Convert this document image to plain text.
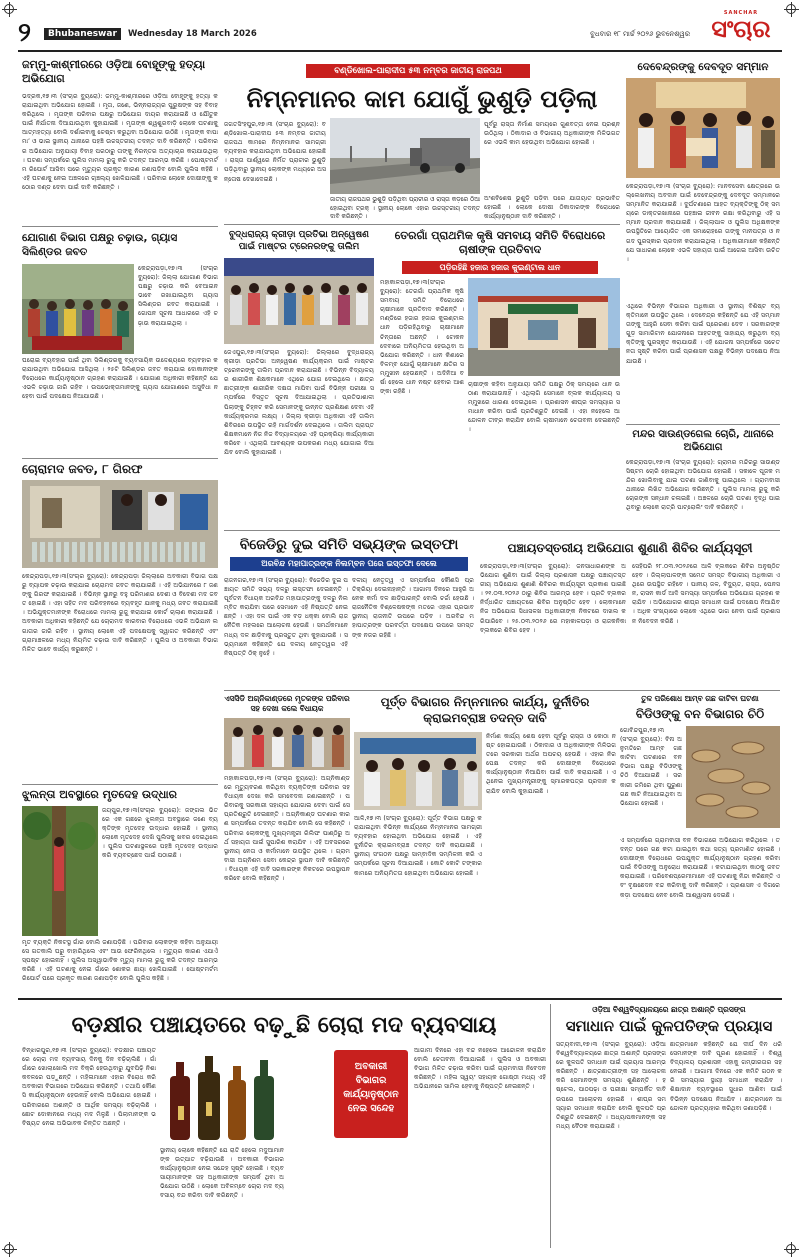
୨	Bhubaneswar	Wednesday 18 March 2026	ବୁଧବାର ୧୮ ମାର୍ଚ୍ଚ ୨୦୨୬ ଭୁବନେଶ୍ୱର
SANCHAR
ସଂଚାର
ଜମ୍ମୁ-କାଶ୍ମୀରରେ ଓଡ଼ିଆ ବୋହୂଙ୍କୁ ହତ୍ୟା ଅଭିଯୋଗ
ଭଦ୍ରକ,୧୭।୩ (ସଂଚାର ବ୍ୟୁରୋ): ଜମ୍ମୁ-କାଶ୍ମୀରରେ ଓଡ଼ିଆ ବୋହୂଙ୍କୁ ହତ୍ୟା କରାଯାଇଥିବା ଅଭିଯୋଗ ହୋଇଛି । ମୃତା, ଜଣେ, ଭିନ୍ନରାଜ୍ୟର ପୁରୁଷଙ୍କ ସହ ବିବାହ କରିଥିଲେ । ମୃତାଙ୍କ ପରିବାର ପକ୍ଷରୁ ଅଭିଯୋଗ ଦାୟର କରାଯାଇଛି ଓ ଯୌତୁକ ପାଇଁ ନିର୍ଯାତନା ଦିଆଯାଉଥିବା କୁହାଯାଇଛି । ମୃତାଙ୍କ ଶ୍ୱଶୁରବାଡ଼ି ଲୋକେ ଘଟଣାକୁ ଆତ୍ମହତ୍ୟା ବୋଲି ଦର୍ଶାଇବାକୁ ଚେଷ୍ଟା କରୁଥିବା ଅଭିଯୋଗ ଉଠିଛି । ମୃତାଙ୍କ ବାପା ମା’ ଓ ଭାଇ ସ୍ଥାନୀୟ ଥାନାରେ ପହଞ୍ଚି ଉଚ୍ଚସ୍ତରୀୟ ତଦନ୍ତ ଦାବି କରିଛନ୍ତି । ପରିବାରର ଅଭିଯୋଗ ଅନୁଯାୟୀ ବିବାହ ପରଠାରୁ ତାଙ୍କୁ ନିରନ୍ତର ଅତ୍ୟାଚାର କରାଯାଉଥିଲା । ଘଟଣା ସମ୍ପର୍କରେ ପୁଲିସ ମାମଲା ରୁଜୁ କରି ତଦନ୍ତ ଆରମ୍ଭ କରିଛି । ପୋଷ୍ଟମର୍ଟମ ରିପୋର୍ଟ ଆସିବା ପରେ ମୃତ୍ୟୁର ପ୍ରକୃତ କାରଣ ଜଣାପଡ଼ିବ ବୋଲି ପୁଲିସ କହିଛି । ଏହି ଘଟଣାକୁ ନେଇ ଅଞ୍ଚଳରେ ଚାଞ୍ଚଲ୍ୟ ଖେଳିଯାଇଛି । ପରିବାର ଲୋକେ ଦୋଷୀଙ୍କୁ କଠୋର ଦଣ୍ଡ ଦେବା ପାଇଁ ଦାବି କରିଛନ୍ତି ।
ଯୋଗାଣ ବିଭାଗ ପକ୍ଷରୁ ଚଢ଼ାଉ, ଗ୍ୟାସ ସିଲିଣ୍ଡର ଜବତ
କେନ୍ଦ୍ରାପଡ଼ା,୧୭।୩ (ସଂଚାର ବ୍ୟୁରୋ): ଜିଲ୍ଲା ଯୋଗାଣ ବିଭାଗ ପକ୍ଷରୁ ଚଢ଼ାଉ କରି ବେଆଇନ ଭାବେ ରଖାଯାଇଥିବା ଗ୍ୟାସ ସିଲିଣ୍ଡର ଜବତ କରାଯାଇଛି । ଗୋପନ ସୂଚନା ଆଧାରରେ ଏହି ଚଢ଼ାଉ କରାଯାଇଥିଲା ।
ଘରୋଇ ବ୍ୟବହାର ପାଇଁ ଥିବା ସିଲିଣ୍ଡରକୁ ବ୍ୟବସାୟିକ ଉଦ୍ଦେଶ୍ୟରେ ବ୍ୟବହାର କରାଯାଉଥିବା ଅଭିଯୋଗ ଆସିଥିଲା । ୨୫ଟି ସିଲିଣ୍ଡର ଜବତ କରାଯାଇ ଦୋକାନୀଙ୍କ ବିରୋଧରେ କାର୍ଯ୍ୟାନୁଷ୍ଠାନ ଗ୍ରହଣ କରାଯାଇଛି । ଯୋଗାଣ ଅଧିକାରୀ କହିଛନ୍ତି ଯେ ଏଭଳି ଚଢ଼ାଉ ଜାରି ରହିବ । ଉପଭୋକ୍ତାମାନଙ୍କୁ ଗ୍ୟାସ ଯୋଗାଣରେ ଅସୁବିଧା ନହେବା ପାଇଁ ପଦକ୍ଷେପ ନିଆଯାଉଛି ।
ଚୋରାମଦ ଜବତ, ୮ ଗିରଫ
କେନ୍ଦ୍ରାପଡ଼ା,୧୭।୩(ସଂଚାର ବ୍ୟୁରୋ): କେନ୍ଦ୍ରାପଡ଼ା ଜିଲ୍ଲାରେ ଅବକାରୀ ବିଭାଗ ପକ୍ଷରୁ ବ୍ୟାପକ ଚଢ଼ାଉ କରାଯାଇ ଚୋରାମଦ ଜବତ କରାଯାଇଛି । ଏହି ଅଭିଯାନରେ ୮ ଜଣଙ୍କୁ ଗିରଫ କରାଯାଇଛି । ବିଭିନ୍ନ ସ୍ଥାନରୁ ବହୁ ପରିମାଣର ଦେଶୀ ଓ ବିଦେଶୀ ମଦ ଜବତ ହୋଇଛି । ଏହା ସହିତ ମଦ ପରିବହନରେ ବ୍ୟବହୃତ ଯାନକୁ ମଧ୍ୟ ଜବତ କରାଯାଇଛି । ଅଭିଯୁକ୍ତମାନଙ୍କ ବିରୋଧରେ ମାମଲା ରୁଜୁ କରାଯାଇ କୋର୍ଟ ଚାଲାଣ କରାଯାଇଛି । ଅବକାରୀ ଅଧିକାରୀ କହିଛନ୍ତି ଯେ ଚୋରାମଦ କାରବାର ବିରୋଧରେ ଏଭଳି ଅଭିଯାନ ଲଗାତାର ଜାରି ରହିବ । ସ୍ଥାନୀୟ ଲୋକେ ଏହି ପଦକ୍ଷେପକୁ ସ୍ୱାଗତ କରିଛନ୍ତି ଏବଂ ଗ୍ରାମାଞ୍ଚଳରେ ମଧ୍ୟ ନିୟମିତ ଚଢ଼ାଉ ଦାବି କରିଛନ୍ତି । ପୁଲିସ ଓ ଅବକାରୀ ବିଭାଗ ମିଳିତ ଭାବେ କାର୍ଯ୍ୟ କରୁଛନ୍ତି ।
ଝୁଲନ୍ତା ଅବସ୍ଥାରେ ମୃତଦେହ ଉଦ୍ଧାର
ଜୟପୁର,୧୭।୩(ସଂଚାର ବ୍ୟୁରୋ): ଜଙ୍ଗଲ ଭିତରେ ଏକ ଗଛରେ ଝୁଲନ୍ତା ଅବସ୍ଥାରେ ଜଣେ ବ୍ୟକ୍ତିଙ୍କ ମୃତଦେହ ଉଦ୍ଧାର ହୋଇଛି । ସ୍ଥାନୀୟ ଲୋକେ ମୃତଦେହ ଦେଖି ପୁଲିସକୁ ଖବର ଦେଇଥିଲେ । ପୁଲିସ ଘଟଣାସ୍ଥଳରେ ପହଞ୍ଚି ମୃତଦେହ ଉଦ୍ଧାର କରି ବ୍ୟବଚ୍ଛେଦ ପାଇଁ ପଠାଇଛି ।
ମୃତ ବ୍ୟକ୍ତି ନିକଟସ୍ଥ ଗାଁର ବୋଲି ଜଣାପଡ଼ିଛି । ପରିବାର ଲୋକଙ୍କ କହିବା ଅନୁଯାୟୀ ସେ ଗତକାଲି ଘରୁ ବାହାରିଥିଲେ ଏବଂ ଆଉ ଫେରିନଥିଲେ । ମୃତ୍ୟୁର କାରଣ ଏଯାଏଁ ସ୍ପଷ୍ଟ ହୋଇନାହିଁ । ପୁଲିସ ଅସ୍ୱାଭାବିକ ମୃତ୍ୟୁ ମାମଲା ରୁଜୁ କରି ତଦନ୍ତ ଆରମ୍ଭ କରିଛି । ଏହି ଘଟଣାକୁ ନେଇ ଗାଁରେ ଶୋକର ଛାୟା ଖେଳିଯାଇଛି । ପୋଷ୍ଟମର୍ଟମ ରିପୋର୍ଟ ପରେ ପ୍ରକୃତ କାରଣ ଜଣାପଡ଼ିବ ବୋଲି ପୁଲିସ କହିଛି ।
ବଣ୍ଡିଖୋଲ-ପାରାଦୀପ ୫୩ ନମ୍ବର ଜାତୀୟ ରାଜପଥ
ନିମ୍ନମାନର କାମ ଯୋଗୁଁ ଭୁଶୁଡ଼ି ପଡ଼ିଲା
ଜଗତସିଂହପୁର,୧୭।୩ (ସଂଚାର ବ୍ୟୁରୋ): ବଣ୍ଡିଖୋଲ-ପାରାଦୀପ ୫୩ ନମ୍ବର ଜାତୀୟ ରାଜପଥ କାମରେ ନିମ୍ନମାନର ସାମଗ୍ରୀ ବ୍ୟବହାର କରାଯାଉଥିବା ଅଭିଯୋଗ ହୋଇଛି । ରାସ୍ତା ପାର୍ଶ୍ୱରେ ନିର୍ମିତ ପ୍ରାଚୀର ଭୁଶୁଡ଼ି ପଡ଼ିଥିବାରୁ ସ୍ଥାନୀୟ ଲୋକଙ୍କ ମଧ୍ୟରେ ଅସନ୍ତୋଷ ଦେଖାଦେଇଛି ।
ଜାତୀୟ ରାଜପଥର ଭୁଶୁଡ଼ି ପଡ଼ିଥିବା ପ୍ରାଚୀର ଓ ରାସ୍ତା କଡ଼ରେ ଠିଆ ହୋଇଥିବା ଟ୍ରକ୍ । ସ୍ଥାନୀୟ ଲୋକେ ଏହାର ଉଚ୍ଚସ୍ତରୀୟ ତଦନ୍ତ ଦାବି କରିଛନ୍ତି ।
ପୂର୍ବରୁ ରାସ୍ତା ନିର୍ମାଣ ସମୟରେ ଗୁଣବତ୍ତା ନେଇ ପ୍ରଶ୍ନ ଉଠିଥିଲା । ଠିକାଦାର ଓ ବିଭାଗୀୟ ଅଧିକାରୀଙ୍କ ମିଳିଭଗତରେ ଏଭଳି କାମ ହେଉଥିବା ଅଭିଯୋଗ ହୋଇଛି ।
ଅଂଶବିଶେଷ ଭୁଶୁଡ଼ି ପଡ଼ିବା ପରେ ଯାତାୟାତ ପ୍ରଭାବିତ ହୋଇଛି । ଲୋକେ ଦୋଷୀ ଠିକାଦାରଙ୍କ ବିରୋଧରେ କାର୍ଯ୍ୟାନୁଷ୍ଠାନ ଦାବି କରିଛନ୍ତି ।
ବୁଦ୍ଧରାଜ୍ୟ କ୍ରୀଡ଼ା ପ୍ରତିଭା ଅନ୍ୱେଷଣ ପାଇଁ ମାଷ୍ଟର ଟ୍ରେନରଙ୍କୁ ତାଲିମ
ଜେଏପୁର,୧୭।୩(ସଂଚାର ବ୍ୟୁରୋ): ଜିଲ୍ଲାରେ ବୁଦ୍ଧରାଜ୍ୟ କ୍ରୀଡ଼ା ପ୍ରତିଭା ଅନ୍ୱେଷଣ କାର୍ଯ୍ୟକ୍ରମ ପାଇଁ ମାଷ୍ଟର ଟ୍ରେନରଙ୍କୁ ତାଲିମ ପ୍ରଦାନ କରାଯାଇଛି । ବିଭିନ୍ନ ବିଦ୍ୟାଳୟର ଶାରୀରିକ ଶିକ୍ଷକମାନେ ଏଥିରେ ଯୋଗ ଦେଇଥିଲେ । ଛାତ୍ରଛାତ୍ରୀଙ୍କ ଶାରୀରିକ ଦକ୍ଷତା ମାପିବା ପାଇଁ ବିଭିନ୍ନ ପରୀକ୍ଷା ସମ୍ପର୍କରେ ବିସ୍ତୃତ ସୂଚନା ଦିଆଯାଇଥିଲା । ପ୍ରତିଭାଶାଳୀ ପିଲାଙ୍କୁ ଚିହ୍ନଟ କରି ସେମାନଙ୍କୁ ଉନ୍ନତ ପ୍ରଶିକ୍ଷଣ ଦେବା ଏହି କାର୍ଯ୍ୟକ୍ରମର ଲକ୍ଷ୍ୟ । ଜିଲ୍ଲା କ୍ରୀଡ଼ା ଅଧିକାରୀ ଏହି ତାଲିମ ଶିବିରରେ ଉପସ୍ଥିତ ରହି ମାର୍ଗଦର୍ଶନ ଦେଇଥିଲେ । ତାଲିମ ପ୍ରାପ୍ତ ଶିକ୍ଷକମାନେ ନିଜ ନିଜ ବିଦ୍ୟାଳୟରେ ଏହି ପ୍ରକ୍ରିୟା କାର୍ଯ୍ୟକାରୀ କରିବେ । ଏଥିଲାଗି ଆବଶ୍ୟକ ଉପକରଣ ମଧ୍ୟ ଯୋଗାଇ ଦିଆଯିବ ବୋଲି କୁହାଯାଇଛି ।
ତେରଗାଁ ପ୍ରାଥମିକ କୃଷି ସମବାୟ ସମିତି ବିରୋଧରେ ଚାଷୀଙ୍କ ପ୍ରତିବାଦ
ପଡ଼ିରହିଛି ହଜାର ହଜାର କୁଇଣ୍ଟାଲ ଧାନ
ମହାକାଳପଡ଼ା,୧୭।୩(ସଂଚାର ବ୍ୟୁରୋ): ତେରଗାଁ ପ୍ରାଥମିକ କୃଷି ସମବାୟ ସମିତି ବିରୋଧରେ ଚାଷୀମାନେ ପ୍ରତିବାଦ କରିଛନ୍ତି । ମଣ୍ଡିରେ ହଜାର ହଜାର କୁଇଣ୍ଟାଲ ଧାନ ପଡ଼ିରହିଥିବାରୁ ଚାଷୀମାନେ ଚିନ୍ତାରେ ଅଛନ୍ତି । ଟୋକନ ଦେବାରେ ଅନିୟମିତତା ହେଉଥିବା ଅଭିଯୋଗ କରିଛନ୍ତି । ଧାନ କିଣାରେ ବିଳମ୍ବ ଯୋଗୁଁ ଚାଷୀମାନେ କ୍ଷତିର ସମ୍ମୁଖୀନ ହେଉଛନ୍ତି । ଅଦିନିଆ ବର୍ଷା ହେଲେ ଧାନ ନଷ୍ଟ ହେବାର ଆଶଙ୍କା ରହିଛି ।
ଚାଷୀଙ୍କ କହିବା ଅନୁଯାୟୀ ସମିତି ପକ୍ଷରୁ ଠିକ୍ ସମୟରେ ଧାନ ଉଠାଣ କରାଯାଉନାହିଁ । ଏଥିଲାଗି ସେମାନେ ବ୍ଲକ କାର୍ଯ୍ୟାଳୟ ସମ୍ମୁଖରେ ଧାରଣା ଦେଇଥିଲେ । ପ୍ରଶାସନ ଶୀଘ୍ର ସମସ୍ୟାର ସମାଧାନ କରିବା ପାଇଁ ପ୍ରତିଶ୍ରୁତି ଦେଇଛି । ଏହା ନହେଲେ ଆନ୍ଦୋଳନ ତୀବ୍ର କରାଯିବ ବୋଲି ଚାଷୀମାନେ ଚେତାବନୀ ଦେଇଛନ୍ତି ।
ଦେବେନ୍ଦ୍ରଙ୍କୁ ଦେବଦୂତ ସମ୍ମାନ
କେନ୍ଦ୍ରାପଡ଼ା,୧୭।୩ (ସଂଚାର ବ୍ୟୁରୋ): ମାନବସେବା କ୍ଷେତ୍ରରେ ଉଲ୍ଲେଖନୀୟ ଅବଦାନ ପାଇଁ ଦେବେନ୍ଦ୍ରଙ୍କୁ ଦେବଦୂତ ସମ୍ମାନରେ ସମ୍ମାନିତ କରାଯାଇଛି । ଦୁର୍ଘଟଣାରେ ଆହତ ବ୍ୟକ୍ତିଙ୍କୁ ଠିକ୍ ସମୟରେ ଡାକ୍ତରଖାନାରେ ପହଞ୍ଚାଇ ଜୀବନ ରକ୍ଷା କରିଥିବାରୁ ଏହି ସମ୍ମାନ ପ୍ରଦାନ କରାଯାଇଛି । ଜିଲ୍ଲାପାଳ ଓ ପୁଲିସ ଅଧିକ୍ଷକଙ୍କ ଉପସ୍ଥିତିରେ ଆୟୋଜିତ ଏକ ସମାରୋହରେ ତାଙ୍କୁ ମାନପତ୍ର ଓ ନଗଦ ପୁରସ୍କାର ପ୍ରଦାନ କରାଯାଇଥିଲା । ଅଧିକାରୀମାନେ କହିଛନ୍ତି ଯେ ସାଧାରଣ ଲୋକେ ଏଭଳି ସହାୟତା ପାଇଁ ଆଗେଇ ଆସିବା ଉଚିତ ।
ଏଥିରେ ବିଭିନ୍ନ ବିଭାଗର ଅଧିକାରୀ ଓ ସ୍ଥାନୀୟ ବିଶିଷ୍ଟ ବ୍ୟକ୍ତିମାନେ ଉପସ୍ଥିତ ଥିଲେ । ଦେବେନ୍ଦ୍ର କହିଛନ୍ତି ଯେ ଏହି ସମ୍ମାନ ତାଙ୍କୁ ଆହୁରି ସେବା କରିବା ପାଇଁ ପ୍ରେରଣା ଦେବ । ସରକାରଙ୍କ ଗୁଡ଼ ସାମାରିଟାନ ଯୋଜନାରେ ଆହତଙ୍କୁ ସାହାଯ୍ୟ କରୁଥିବା ବ୍ୟକ୍ତିଙ୍କୁ ପୁରସ୍କୃତ କରାଯାଉଛି । ଏହି ଯୋଜନା ସମ୍ପର୍କରେ ସଚେତନତା ସୃଷ୍ଟି କରିବା ପାଇଁ ପ୍ରଶାସନ ପକ୍ଷରୁ ବିଭିନ୍ନ ପଦକ୍ଷେପ ନିଆଯାଉଛି ।
ମନ୍ଦର ସାଉଣ୍ଡଗେଲ ଚୋରି, ଥାନାରେ ଅଭିଯୋଗ
କେନ୍ଦ୍ରାପଡ଼ା,୧୭।୩ (ସଂଚାର ବ୍ୟୁରୋ): ଗ୍ରାମର ମନ୍ଦିରରୁ ସାଉଣ୍ଡ ସିଷ୍ଟମ ଚୋରି ହୋଇଥିବା ଅଭିଯୋଗ ହୋଇଛି । ସକାଳେ ପୂଜକ ମନ୍ଦିର ଖୋଲିବାକୁ ଯାଇ ଘଟଣା ଜାଣିବାକୁ ପାଇଥିଲେ । ଗ୍ରାମବାସୀ ଥାନାରେ ଲିଖିତ ଅଭିଯୋଗ କରିଛନ୍ତି । ପୁଲିସ ମାମଲା ରୁଜୁ କରି ଚୋରଙ୍କ ସନ୍ଧାନ ଚଳାଇଛି । ଅଞ୍ଚଳରେ ଚୋରି ଘଟଣା ବୃଦ୍ଧି ପାଇଥିବାରୁ ଲୋକେ ରାତ୍ରି ପାଟ୍ରୋଲିଂ ଦାବି କରିଛନ୍ତି ।
ବିଜେଡିରୁ ଦୁଇ ସମିତି ସଭ୍ୟଙ୍କ ଇସ୍ତଫା
ଅରବିନ୍ଦ ମହାପାତ୍ରଙ୍କ ନିଲମ୍ବନ ପରେ ଇସ୍ତଫା ଦେଲେ
ରାଜନଗର,୧୭।୩ (ସଂଚାର ବ୍ୟୁରୋ): ବିଜେଡିର ଦୁଇ ପଞ୍ଚାୟତ ସମିତି ସଭ୍ୟ ଦଳରୁ ଇସ୍ତଫା ଦେଇଛନ୍ତି । ପୂର୍ବତନ ବିଧାୟକ ଅରବିନ୍ଦ ମହାପାତ୍ରଙ୍କୁ ଦଳରୁ ନିଲମ୍ବିତ କରାଯିବା ପରେ ସେମାନେ ଏହି ନିଷ୍ପତ୍ତି ନେଇଛନ୍ତି । ଏହା ଦଳ ପାଇଁ ଏକ ବଡ଼ ଧକ୍କା ବୋଲି ରାଜନୈତିକ ମହଲରେ ଆଲୋଚନା ହେଉଛି । ସମର୍ଥକମାନେ ମଧ୍ୟ ଦଳ ଛାଡ଼ିବାକୁ ପ୍ରସ୍ତୁତ ଥିବା କୁହାଯାଉଛି । ସଭ୍ୟମାନେ କହିଛନ୍ତି ଯେ ଦଳୀୟ ନେତୃତ୍ୱର ଏହି ନିଷ୍ପତ୍ତି ଠିକ୍ ନୁହେଁ ।
ଦଳୀୟ ନେତୃତ୍ୱ ଏ ସମ୍ପର୍କରେ କୌଣସି ପ୍ରତିକ୍ରିୟା ଦେଇନାହାନ୍ତି । ଆଗାମୀ ଦିନରେ ଆହୁରି ଅନେକ କର୍ମୀ ଦଳ ଛାଡ଼ିପାରନ୍ତି ବୋଲି ଚର୍ଚ୍ଚା ହେଉଛି । ରାଜନୈତିକ ବିଶ୍ଳେଷକଙ୍କ ମତରେ ଏହାର ପ୍ରଭାବ ସ୍ଥାନୀୟ ରାଜନୀତି ଉପରେ ପଡ଼ିବ । ଅରବିନ୍ଦ ମହାପାତ୍ରଙ୍କ ପରବର୍ତ୍ତୀ ପଦକ୍ଷେପ ଉପରେ ସମସ୍ତଙ୍କ ନଜର ରହିଛି ।
ପଞ୍ଚାୟତସ୍ତରୀୟ ଅଭିଯୋଗ ଶୁଣାଣି ଶିବିର କାର୍ଯ୍ୟସୂଚୀ
କେନ୍ଦ୍ରାପଡ଼ା,୧୭।୩(ସଂଚାର ବ୍ୟୁରୋ): ଜନସାଧାରଣଙ୍କ ଅଭିଯୋଗ ଶୁଣିବା ପାଇଁ ଜିଲ୍ଲା ପ୍ରଶାସନ ପକ୍ଷରୁ ପଞ୍ଚାୟତସ୍ତରୀୟ ଅଭିଯୋଗ ଶୁଣାଣି ଶିବିରର କାର୍ଯ୍ୟସୂଚୀ ପ୍ରକାଶ ପାଇଛି । ୨୧.୦୩.୨୦୨୬ ଠାରୁ ଶିବିର ଆରମ୍ଭ ହେବ । ପ୍ରତି ବ୍ଲକର ନିର୍ଦ୍ଧାରିତ ପଞ୍ଚାୟତରେ ଶିବିର ଅନୁଷ୍ଠିତ ହେବ । ଲୋକମାନେ ନିଜ ଅଭିଯୋଗ ସିଧାସଳଖ ଅଧିକାରୀଙ୍କ ନିକଟରେ ଦାଖଲ କରିପାରିବେ । ୨୫.୦୩.୨୦୨୬ ରେ ମହାକାଳପଡ଼ା ଓ ରାଜକନିକା ବ୍ଲକରେ ଶିବିର ହେବ ।
ସେହିପରି ୨୮.୦୩.୨୦୨୬ରେ ଆଳି ବ୍ଲକରେ ଶିବିର ଅନୁଷ୍ଠିତ ହେବ । ଜିଲ୍ଲାପାଳଙ୍କ ସମେତ ସମସ୍ତ ବିଭାଗୀୟ ଅଧିକାରୀ ଏଥିରେ ଉପସ୍ଥିତ ରହିବେ । ପାନୀୟ ଜଳ, ବିଦ୍ୟୁତ, ରାସ୍ତା, ପେନସନ, ରାସନ କାର୍ଡ ଆଦି ସମସ୍ୟା ସମ୍ପର୍କରେ ଅଭିଯୋଗ ଗ୍ରହଣ କରାଯିବ । ଅଭିଯୋଗର ଶୀଘ୍ର ସମାଧାନ ପାଇଁ ପଦକ୍ଷେପ ନିଆଯିବ । ଅଧିକ ସଂଖ୍ୟାରେ ଲୋକେ ଏଥିରେ ଭାଗ ନେବା ପାଇଁ ପ୍ରଶାସନ ନିବେଦନ କରିଛି ।
ଏସସିଡି ଅଗ୍ନିକାଣ୍ଡରେ ମୃତକଙ୍କ ପରିବାର ସହ ଦେଖା କଲେ ବିଧାୟକ
ମହାକାଳପଡ଼ା,୧୭।୩ (ସଂଚାର ବ୍ୟୁରୋ): ଅଗ୍ନିକାଣ୍ଡରେ ମୃତ୍ୟୁବରଣ କରିଥିବା ବ୍ୟକ୍ତିଙ୍କ ପରିବାର ସହ ବିଧାୟକ ଦେଖା କରି ସମବେଦନା ଜଣାଇଛନ୍ତି । ପରିବାରକୁ ସରକାରୀ ସହାୟତା ଯୋଗାଇ ଦେବା ପାଇଁ ସେ ପ୍ରତିଶ୍ରୁତି ଦେଇଛନ୍ତି । ଅଗ୍ନିକାଣ୍ଡ ଘଟଣାର କାରଣ ସମ୍ପର୍କରେ ତଦନ୍ତ କରାଯିବ ବୋଲି ସେ କହିଛନ୍ତି । ପରିବାର ଲୋକଙ୍କୁ ମୁଖ୍ୟମନ୍ତ୍ରୀ ରିଲିଫ ପାଣ୍ଠିରୁ ଅର୍ଥ ସହାୟତା ପାଇଁ ସୁପାରିଶ କରାଯିବ । ଏହି ଅବସରରେ ସ୍ଥାନୀୟ ନେତା ଓ କର୍ମୀମାନେ ଉପସ୍ଥିତ ଥିଲେ । ଗ୍ରାମବାସୀ ଅଗ୍ନିଶମ ସେବା କେନ୍ଦ୍ର ସ୍ଥାପନ ଦାବି କରିଛନ୍ତି । ବିଧାୟକ ଏହି ଦାବି ସରକାରଙ୍କ ନିକଟରେ ଉପସ୍ଥାପନ କରିବେ ବୋଲି କହିଛନ୍ତି ।
ପୂର୍ତ୍ତ ବିଭାଗର ନିମ୍ନମାନର କାର୍ଯ୍ୟ, ଦୁର୍ନୀତିର କ୍ରାଇମବ୍ରାଞ୍ଚ ତଦନ୍ତ ଦାବି
ଆଳି,୧୭।୩ (ସଂଚାର ବ୍ୟୁରୋ): ପୂର୍ତ୍ତ ବିଭାଗ ପକ୍ଷରୁ କରାଯାଇଥିବା ବିଭିନ୍ନ କାର୍ଯ୍ୟରେ ନିମ୍ନମାନର ସାମଗ୍ରୀ ବ୍ୟବହାର ହୋଇଥିବା ଅଭିଯୋଗ ହୋଇଛି । ଏହି ଦୁର୍ନୀତିର କ୍ରାଇମବ୍ରାଞ୍ଚ ତଦନ୍ତ ଦାବି କରାଯାଇଛି । ସ୍ଥାନୀୟ ସଂଗଠନ ପକ୍ଷରୁ ସାମ୍ବାଦିକ ସମ୍ମିଳନୀ କରି ଏ ସମ୍ପର୍କରେ ସୂଚନା ଦିଆଯାଇଛି । କୋଟି କୋଟି ଟଙ୍କାର କାମରେ ଅନିୟମିତତା ହୋଇଥିବା ଅଭିଯୋଗ ହୋଇଛି ।
ନିର୍ମାଣ କାର୍ଯ୍ୟ ଶେଷ ହେବା ପୂର୍ବରୁ ରାସ୍ତା ଓ କୋଠା ନଷ୍ଟ ହୋଇଯାଉଛି । ଠିକାଦାର ଓ ଅଧିକାରୀଙ୍କ ମିଳିଭଗତରେ ସରକାରୀ ଅର୍ଥର ଅପଚୟ ହେଉଛି । ଏହାର ନିରପେକ୍ଷ ତଦନ୍ତ କରି ଦୋଷୀଙ୍କ ବିରୋଧରେ କାର୍ଯ୍ୟାନୁଷ୍ଠାନ ନିଆଯିବା ପାଇଁ ଦାବି କରାଯାଇଛି । ଏଥିନେଇ ମୁଖ୍ୟମନ୍ତ୍ରୀଙ୍କୁ ସ୍ମାରକପତ୍ର ପ୍ରଦାନ କରାଯିବ ବୋଲି କୁହାଯାଇଛି ।
ତୁଳ ପରିଶୋଧ ଆମ୍ବ ଗଛ କାଟିବା ଘଟଣା
ବିଡିଓଙ୍କୁ ବନ ବିଭାଗର ଚିଠି
ଗୋବିନ୍ଦପୁର,୧୭।୩ (ସଂଚାର ବ୍ୟୁରୋ): ବିନା ଅନୁମତିରେ ଆମ୍ବ ଗଛ କାଟିବା ଘଟଣାରେ ବନ ବିଭାଗ ପକ୍ଷରୁ ବିଡିଓଙ୍କୁ ଚିଠି ଦିଆଯାଇଛି । ସରକାରୀ ଜମିରେ ଥିବା ପୁରୁଣା ଗଛ କାଟି ନିଆଯାଇଥିବା ଅଭିଯୋଗ ହୋଇଛି ।
ଏ ସମ୍ପର୍କରେ ଗ୍ରାମବାସୀ ବନ ବିଭାଗରେ ଅଭିଯୋଗ କରିଥିଲେ । ତଦନ୍ତ ପରେ ଗଛ କଟା ଯାଇଥିବା କଥା ସତ୍ୟ ପ୍ରମାଣିତ ହୋଇଛି । ଦୋଷୀଙ୍କ ବିରୋଧରେ ଉପଯୁକ୍ତ କାର୍ଯ୍ୟାନୁଷ୍ଠାନ ଗ୍ରହଣ କରିବା ପାଇଁ ବିଡିଓଙ୍କୁ ଅନୁରୋଧ କରାଯାଇଛି । କଟାଯାଇଥିବା କାଠକୁ ଜବତ କରାଯାଇଛି । ପରିବେଶପ୍ରେମୀମାନେ ଏହି ଘଟଣାକୁ ନିନ୍ଦା କରିଛନ୍ତି ଏବଂ ବୃକ୍ଷଛେଦନ ବନ୍ଦ କରିବାକୁ ଦାବି କରିଛନ୍ତି । ପ୍ରଶାସନ ଏ ଦିଗରେ କଡ଼ା ପଦକ୍ଷେପ ନେବ ବୋଲି ଆଶ୍ୱାସନା ଦେଇଛି ।
ବଡ଼କ୍ଷୀର ପଞ୍ଚାୟତରେ ବଢ଼ୁଛି ଚୋରା ମଦ ବ୍ୟବସାୟ
ବିନ୍ଝାରପୁର,୧୭।୩ (ସଂଚାର ବ୍ୟୁରୋ): ବଡ଼କ୍ଷୀର ପଞ୍ଚାୟତରେ ଚୋରା ମଦ ବ୍ୟବସାୟ ଦିନକୁ ଦିନ ବଢ଼ିଚାଲିଛି । ଗାଁ ଗାଁରେ ଖୋଲାଖୋଲି ମଦ ବିକ୍ରି ହେଉଥିବାରୁ ଯୁବପିଢ଼ି ନିଶା କବଳରେ ପଡ଼ୁଛନ୍ତି । ମହିଳାମାନେ ଏହାର ବିରୋଧ କରି ଅବକାରୀ ବିଭାଗରେ ଅଭିଯୋଗ କରିଛନ୍ତି । ତଥାପି କୌଣସି କାର୍ଯ୍ୟାନୁଷ୍ଠାନ ହେଉନାହିଁ ବୋଲି ଅଭିଯୋଗ ହୋଇଛି । ପରିବାରରେ ଅଶାନ୍ତି ଓ ଆର୍ଥିକ ସମସ୍ୟା ବଢ଼ିଚାଲିଛି । ଛୋଟ ଦୋକାନରେ ମଧ୍ୟ ମଦ ମିଳୁଛି । ପିଲାମାନଙ୍କ ଭବିଷ୍ୟତ ନେଇ ଅଭିଭାବକ ଚିନ୍ତିତ ଅଛନ୍ତି ।
ଅବକାରୀ ବିଭାଗର କାର୍ଯ୍ୟାନୁଷ୍ଠାନ ନେଇ ସନ୍ଦେହ
ସ୍ଥାନୀୟ ଲୋକେ କହିଛନ୍ତି ଯେ ରାତି ହେଲେ ମଦୁଆମାନଙ୍କ ଉତ୍ପାତ ବଢ଼ିଯାଉଛି । ଅବକାରୀ ବିଭାଗର କାର୍ଯ୍ୟାନୁଷ୍ଠାନ ନେଇ ସନ୍ଦେହ ସୃଷ୍ଟି ହୋଇଛି । ବ୍ୟବସାୟୀମାନଙ୍କ ସହ ଅଧିକାରୀଙ୍କ ସମ୍ପର୍କ ଥିବା ଅଭିଯୋଗ ଉଠିଛି । ଲୋକେ ଅବିଳମ୍ବେ ଚୋରା ମଦ ବ୍ୟବସାୟ ବନ୍ଦ କରିବା ଦାବି କରିଛନ୍ତି ।
ଆଗାମୀ ଦିନରେ ଏହା ବନ୍ଦ ନହେଲେ ଆନ୍ଦୋଳନ କରାଯିବ ବୋଲି ଚେତାବନୀ ଦିଆଯାଇଛି । ପୁଲିସ ଓ ଅବକାରୀ ବିଭାଗ ମିଳିତ ଚଢ଼ାଉ କରିବା ପାଇଁ ଗ୍ରାମବାସୀ ନିବେଦନ କରିଛନ୍ତି । ମହିଳା ସ୍ୱୟଂ ସହାୟକ ଗୋଷ୍ଠୀ ମଧ୍ୟ ଏହି ଅଭିଯାନରେ ସାମିଲ ହେବାକୁ ନିଷ୍ପତ୍ତି ନେଇଛନ୍ତି ।
ଓଡ଼ିଆ ବିଶ୍ୱବିଦ୍ୟାଳୟରେ ଛାତ୍ର ଅଶାନ୍ତି ପ୍ରସଙ୍ଗ
ସମାଧାନ ପାଇଁ କୁଳପତିଙ୍କ ପ୍ରୟାସ
ସତ୍ୟବାଦୀ,୧୭।୩ (ସଂଚାର ବ୍ୟୁରୋ): ଓଡ଼ିଆ ବିଶ୍ୱବିଦ୍ୟାଳୟରେ ଛାତ୍ର ଅଶାନ୍ତି ପ୍ରସଙ୍ଗରେ କୁଳପତି ସମାଧାନ ପାଇଁ ପ୍ରୟାସ ଆରମ୍ଭ କରିଛନ୍ତି । ଛାତ୍ରଛାତ୍ରୀଙ୍କ ସହ ଆଲୋଚନା କରି ସେମାନଙ୍କ ସମସ୍ୟା ଶୁଣିଛନ୍ତି । ହଷ୍ଟେଲ, ପାଠପଢ଼ା ଓ ପରୀକ୍ଷା ସମ୍ପର୍କିତ ଦାବି ଉପରେ ଆଲୋଚନା ହୋଇଛି । ଶୀଘ୍ର ସମସ୍ୟାର ସମାଧାନ କରାଯିବ ବୋଲି କୁଳପତି ପ୍ରତିଶ୍ରୁତି ଦେଇଛନ୍ତି । ଅଧ୍ୟାପକମାନଙ୍କ ସହ ମଧ୍ୟ ବୈଠକ କରାଯାଇଛି ।
ଛାତ୍ରମାନେ କହିଛନ୍ତି ଯେ ଦୀର୍ଘ ଦିନ ଧରି ସେମାନଙ୍କ ଦାବି ପୂରଣ ହୋଇନାହିଁ । ବିଶ୍ୱବିଦ୍ୟାଳୟ ପ୍ରଶାସନ ଏହାକୁ ଗମ୍ଭୀରତାର ସହ ନେଇଛି । ଆଗାମୀ ଦିନରେ ଏକ କମିଟି ଗଠନ କରି ସମସ୍ୟାର ସ୍ଥାୟୀ ସମାଧାନ କରାଯିବ । ଶିକ୍ଷାଦାନ ବ୍ୟବସ୍ଥାରେ ସୁଧାର ଆଣିବା ପାଇଁ ବିଭିନ୍ନ ପଦକ୍ଷେପ ନିଆଯିବ । ଛାତ୍ରମାନେ ଆନ୍ଦୋଳନ ପ୍ରତ୍ୟାହାର କରିଥିବା ଜଣାପଡ଼ିଛି ।
